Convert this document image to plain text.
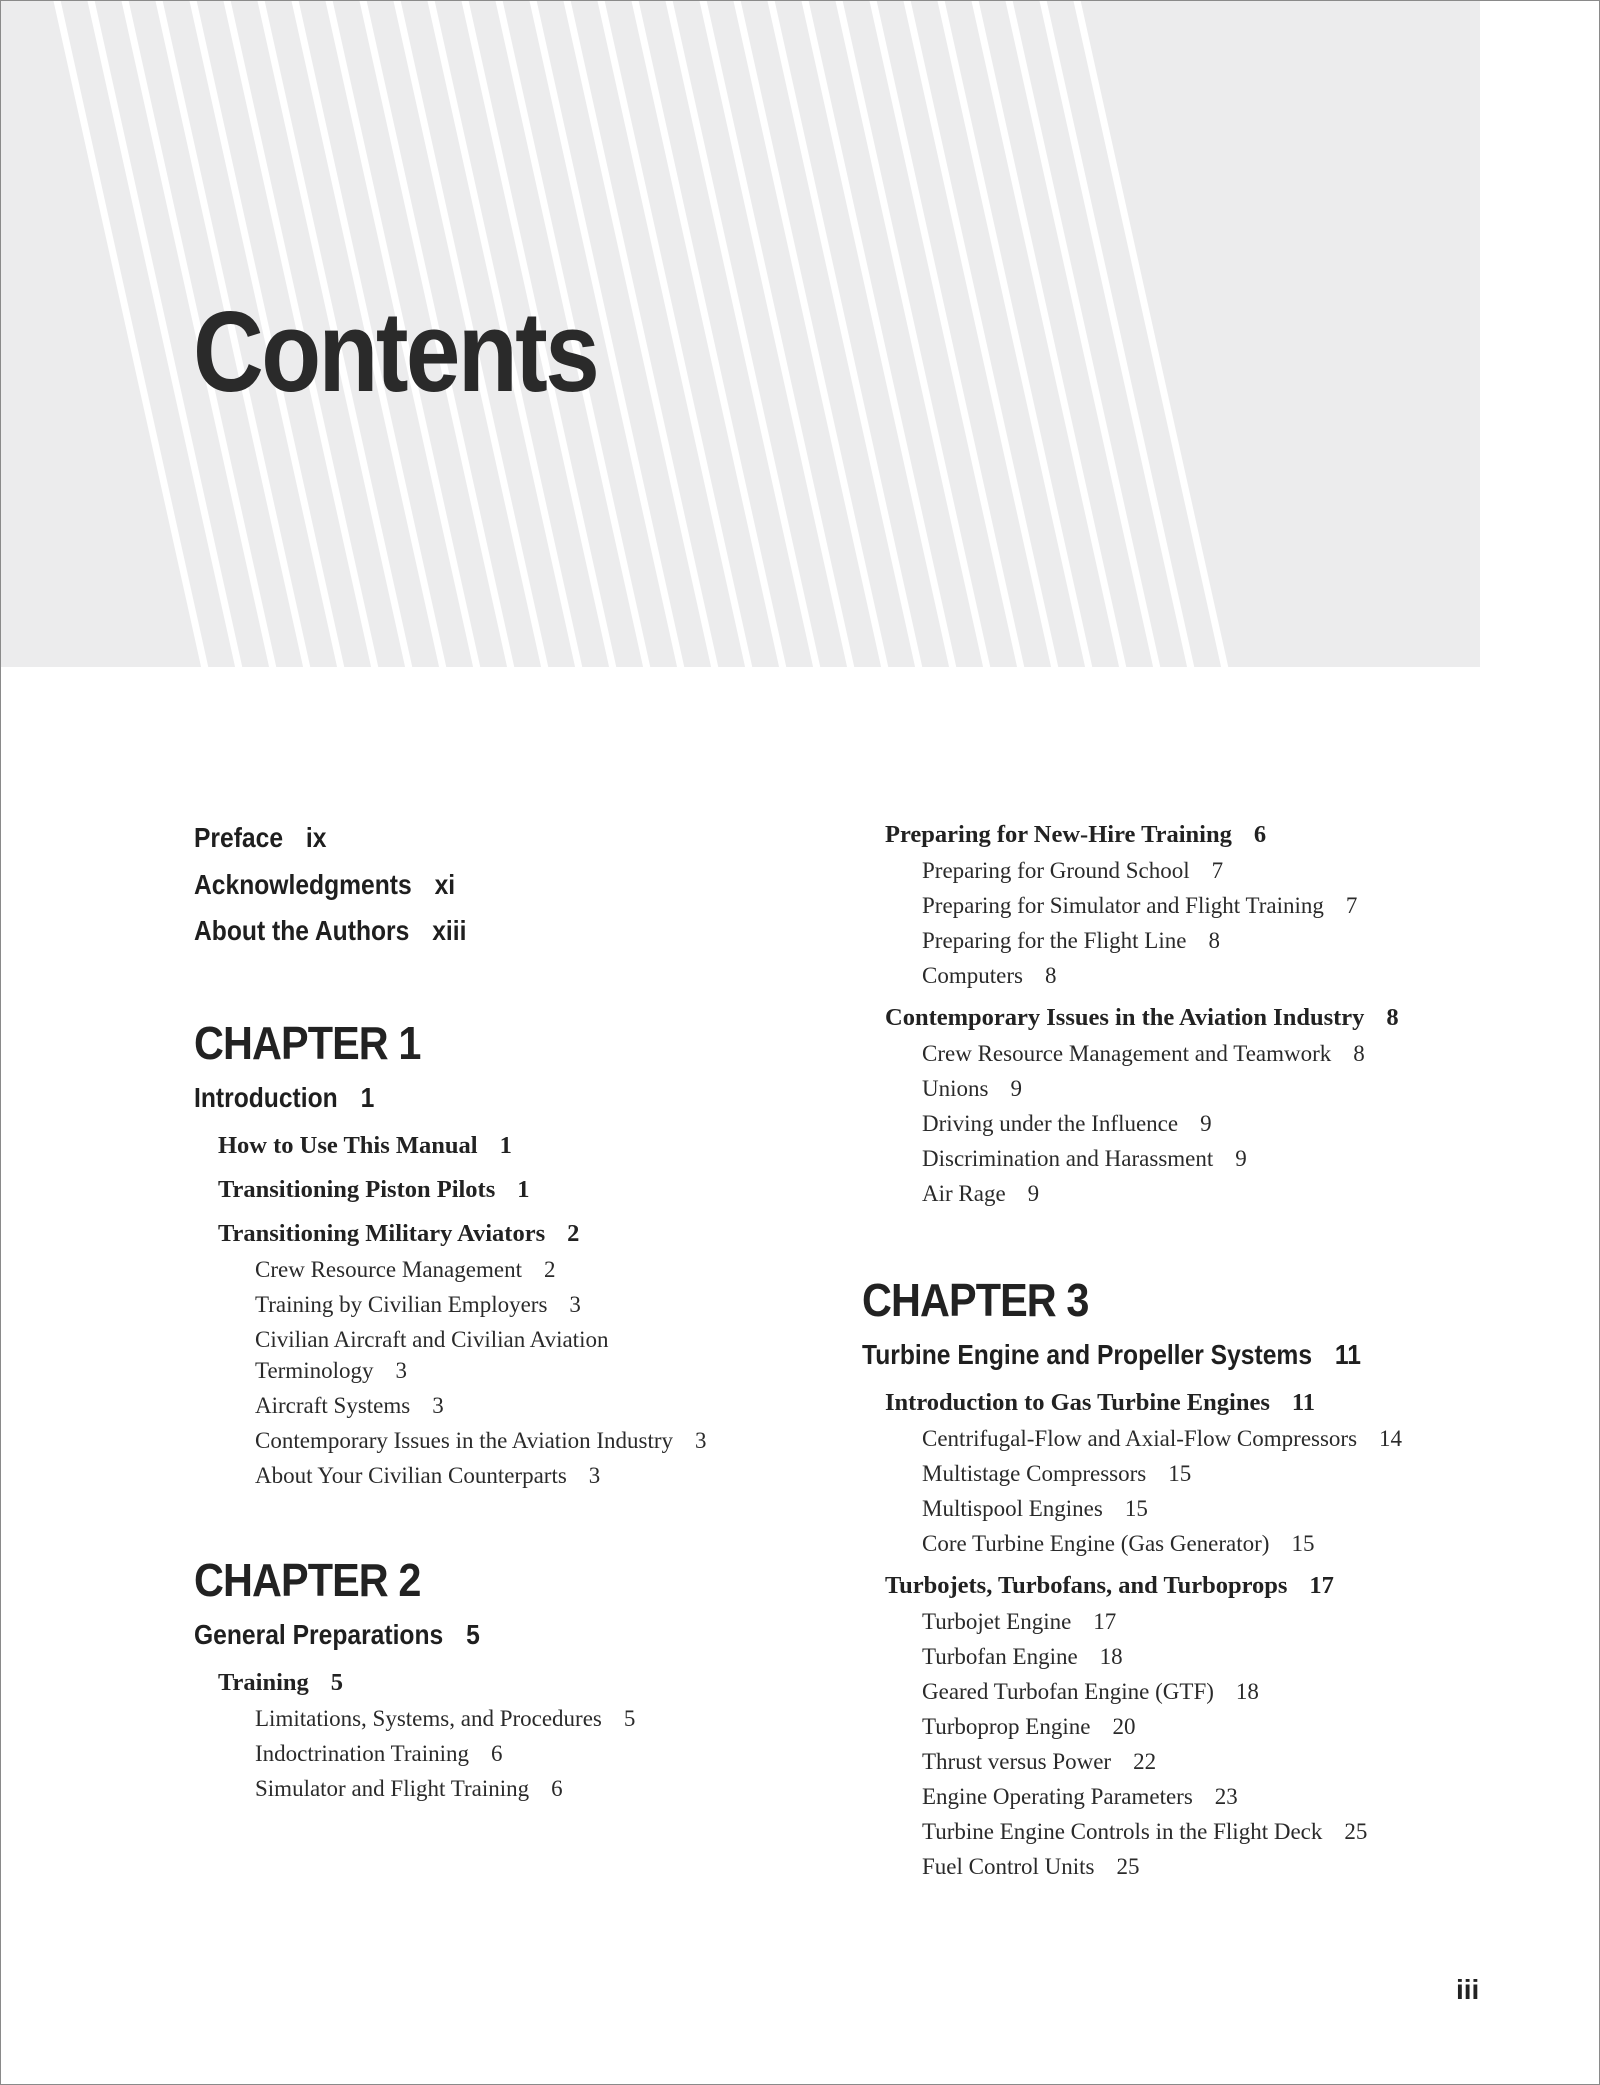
Contents
Preface ix
Acknowledgments xi
About the Authors xiii
CHAPTER 1
Introduction 1
How to Use This Manual 1
Transitioning Piston Pilots 1
Transitioning Military Aviators 2
Crew Resource Management 2
Training by Civilian Employers 3
Civilian Aircraft and Civilian Aviation
Terminology 3
Aircraft Systems 3
Contemporary Issues in the Aviation Industry 3
About Your Civilian Counterparts 3
CHAPTER 2
General Preparations 5
Training 5
Limitations, Systems, and Procedures 5
Indoctrination Training 6
Simulator and Flight Training 6
Preparing for New-Hire Training 6
Preparing for Ground School 7
Preparing for Simulator and Flight Training 7
Preparing for the Flight Line 8
Computers 8
Contemporary Issues in the Aviation Industry 8
Crew Resource Management and Teamwork 8
Unions 9
Driving under the Influence 9
Discrimination and Harassment 9
Air Rage 9
CHAPTER 3
Turbine Engine and Propeller Systems 11
Introduction to Gas Turbine Engines 11
Centrifugal-Flow and Axial-Flow Compressors 14
Multistage Compressors 15
Multispool Engines 15
Core Turbine Engine (Gas Generator) 15
Turbojets, Turbofans, and Turboprops 17
Turbojet Engine 17
Turbofan Engine 18
Geared Turbofan Engine (GTF) 18
Turboprop Engine 20
Thrust versus Power 22
Engine Operating Parameters 23
Turbine Engine Controls in the Flight Deck 25
Fuel Control Units 25
iii
